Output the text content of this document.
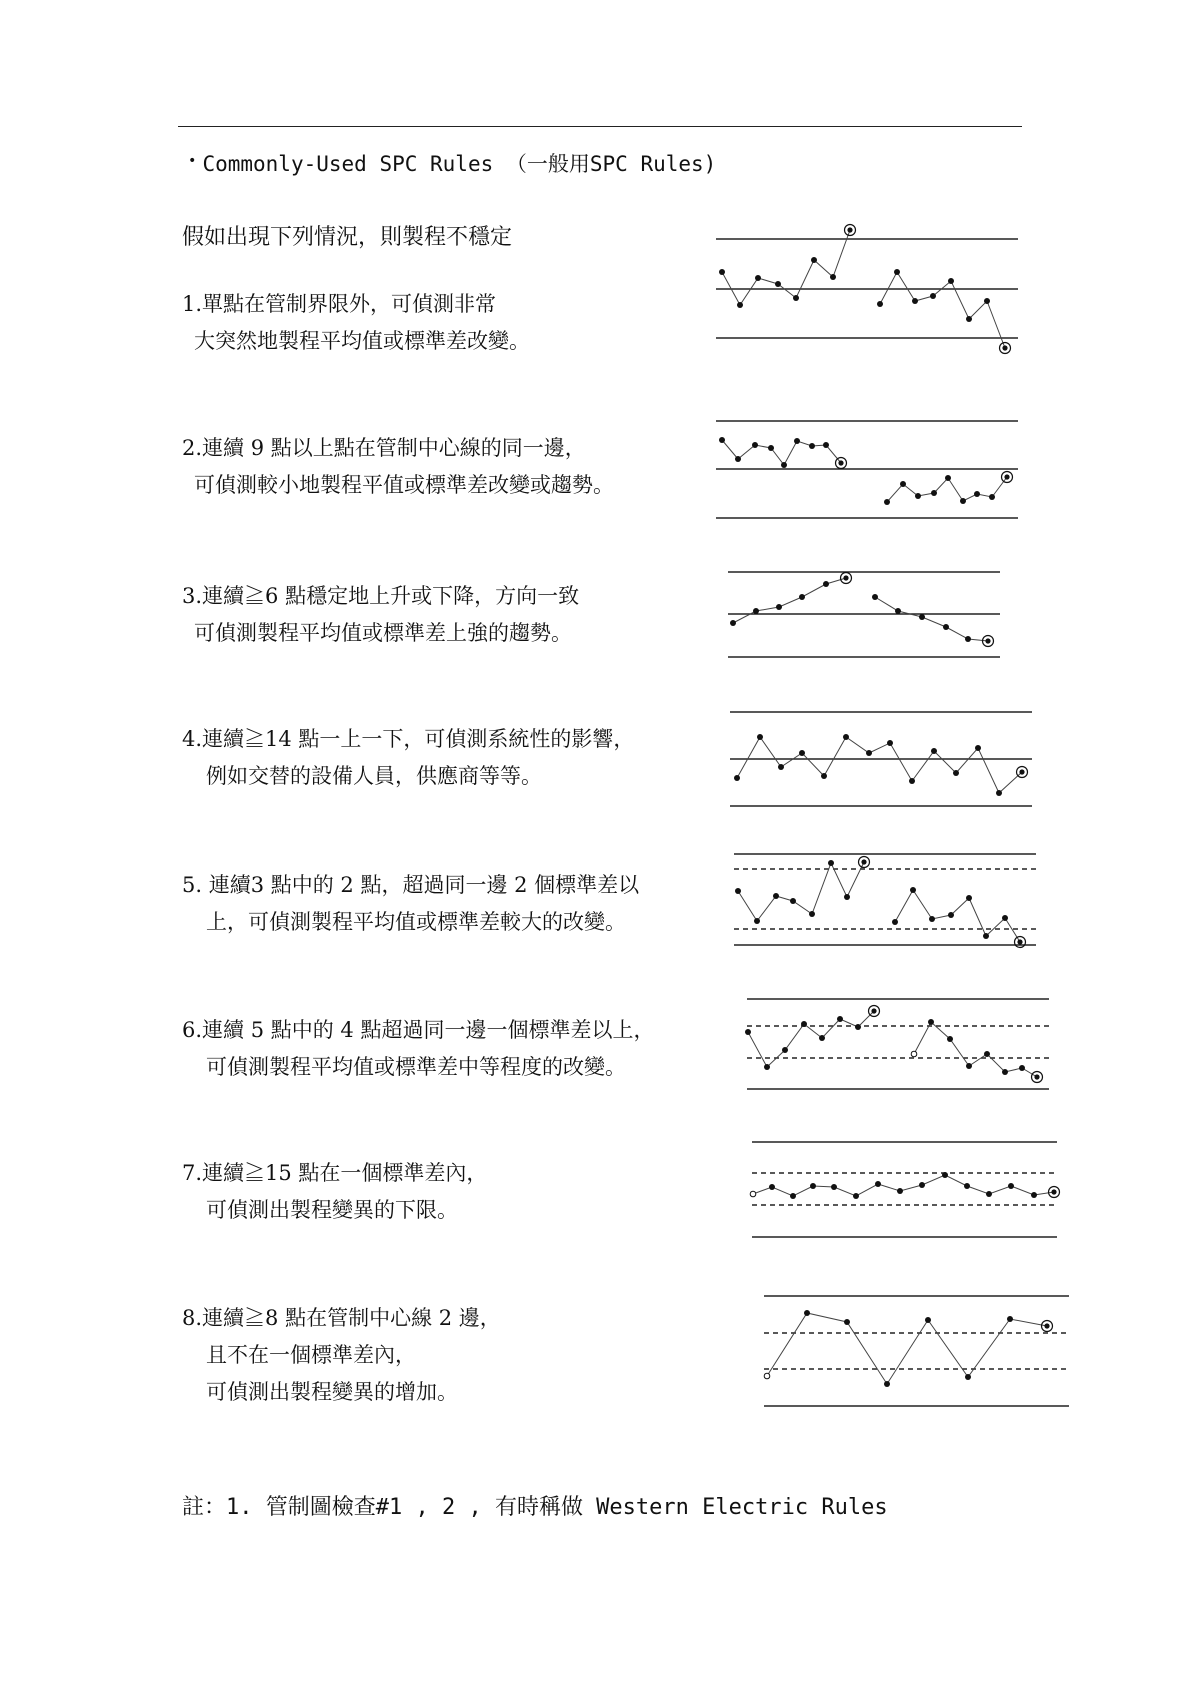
• Commonly-Used SPC Rules （一般用SPC Rules)
假如出現下列情況，則製程不穩定
1.單點在管制界限外，可偵測非常
大突然地製程平均值或標準差改變。
2.連續 9 點以上點在管制中心線的同一邊，
可偵測較小地製程平值或標準差改變或趨勢。
3.連續≧6 點穩定地上升或下降，方向一致
可偵測製程平均值或標準差上強的趨勢。
4.連續≧14 點一上一下，可偵測系統性的影響，
例如交替的設備人員，供應商等等。
5. 連續3 點中的 2 點，超過同一邊 2 個標準差以
上，可偵測製程平均值或標準差較大的改變。
6.連續 5 點中的 4 點超過同一邊一個標準差以上，
可偵測製程平均值或標準差中等程度的改變。
7.連續≧15 點在一個標準差內，
可偵測出製程變異的下限。
8.連續≧8 點在管制中心線 2 邊，
且不在一個標準差內，
可偵測出製程變異的增加。
註：1. 管制圖檢查#1 , 2 , 有時稱做 Western Electric Rules
